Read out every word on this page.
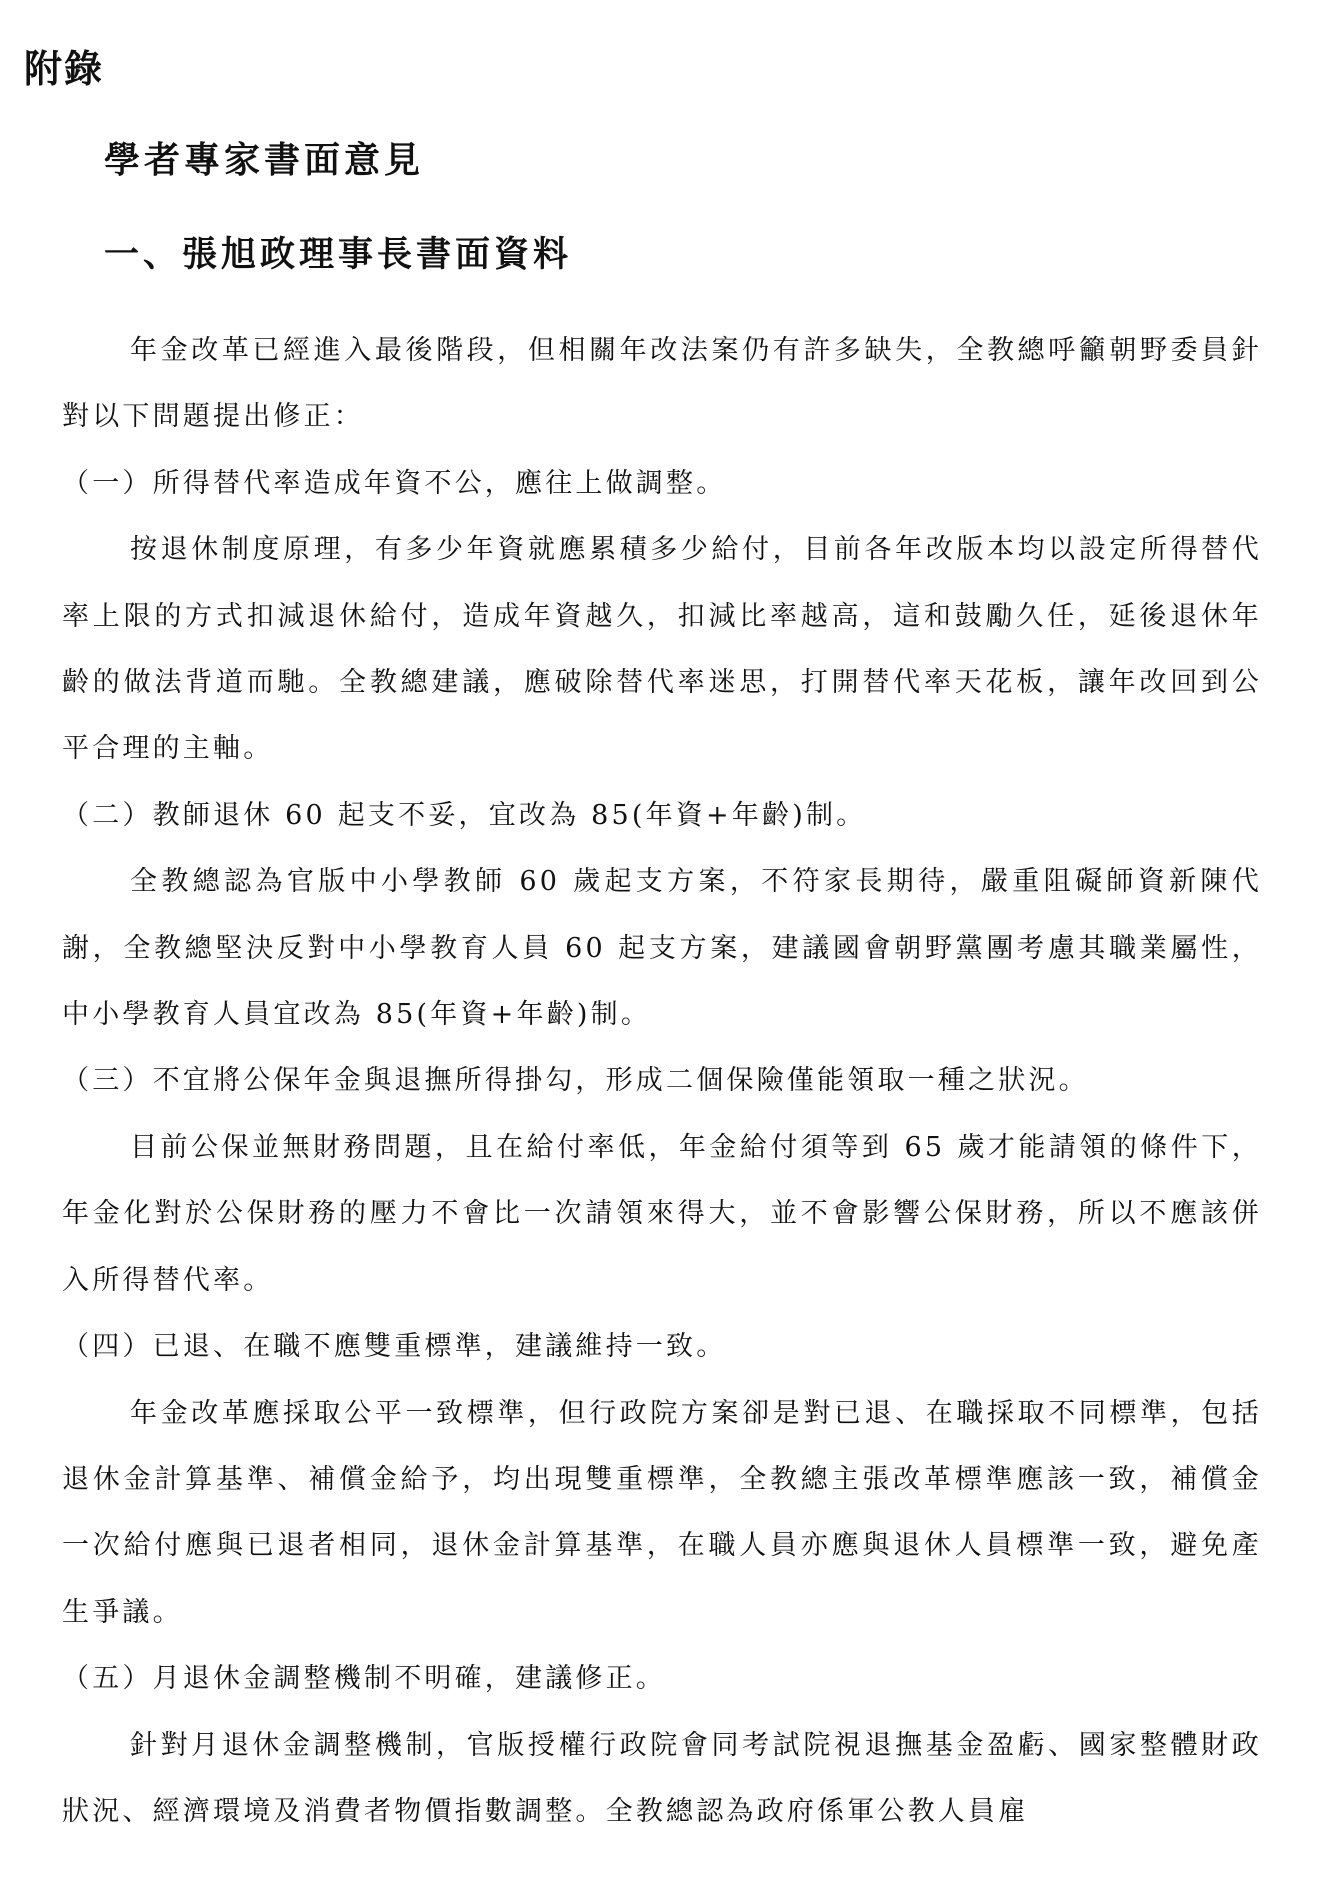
附錄
學者專家書面意見
一、張旭政理事長書面資料

年金改革已經進入最後階段，但相關年改法案仍有許多缺失，全教總呼籲朝野委員針對以下問題提出修正：

（一）所得替代率造成年資不公，應往上做調整。

按退休制度原理，有多少年資就應累積多少給付，目前各年改版本均以設定所得替代率上限的方式扣減退休給付，造成年資越久，扣減比率越高，這和鼓勵久任，延後退休年齡的做法背道而馳。全教總建議，應破除替代率迷思，打開替代率天花板，讓年改回到公平合理的主軸。

（二）教師退休 60 起支不妥，宜改為 85(年資+年齡)制。

全教總認為官版中小學教師 60 歲起支方案，不符家長期待，嚴重阻礙師資新陳代謝，全教總堅決反對中小學教育人員 60 起支方案，建議國會朝野黨團考慮其職業屬性，中小學教育人員宜改為 85(年資+年齡)制。

（三）不宜將公保年金與退撫所得掛勾，形成二個保險僅能領取一種之狀況。

目前公保並無財務問題，且在給付率低，年金給付須等到 65 歲才能請領的條件下，年金化對於公保財務的壓力不會比一次請領來得大，並不會影響公保財務，所以不應該併入所得替代率。

（四）已退、在職不應雙重標準，建議維持一致。

年金改革應採取公平一致標準，但行政院方案卻是對已退、在職採取不同標準，包括退休金計算基準、補償金給予，均出現雙重標準，全教總主張改革標準應該一致，補償金一次給付應與已退者相同，退休金計算基準，在職人員亦應與退休人員標準一致，避免產生爭議。

（五）月退休金調整機制不明確，建議修正。

針對月退休金調整機制，官版授權行政院會同考試院視退撫基金盈虧、國家整體財政狀況、經濟環境及消費者物價指數調整。全教總認為政府係軍公教人員雇
